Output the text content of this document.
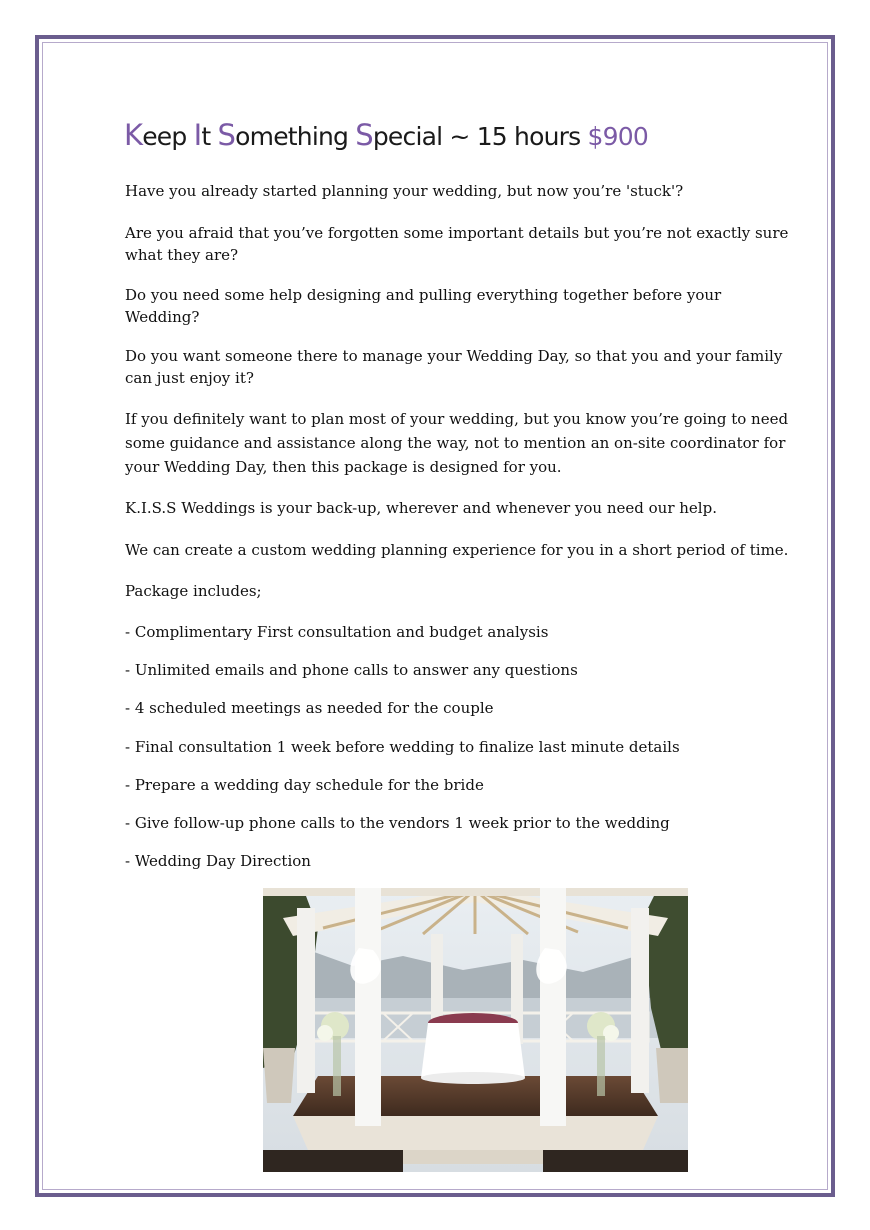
Keep It Something Special ~ 15 hours $900

Have you already started planning your wedding, but now you’re 'stuck'?

Are you afraid that you’ve forgotten some important details but you’re not exactly sure what they are?

Do you need some help designing and pulling everything together before your Wedding?

Do you want someone there to manage your Wedding Day, so that you and your family can just enjoy it?

If you definitely want to plan most of your wedding, but you know you’re going to need some guidance and assistance along the way, not to mention an on-site coordinator for your Wedding Day, then this package is designed for you.

K.I.S.S Weddings is your back-up, wherever and whenever you need our help.

We can create a custom wedding planning experience for you in a short period of time.

Package includes;

- Complimentary First consultation and budget analysis

- Unlimited emails and phone calls to answer any questions

- 4 scheduled meetings as needed for the couple

- Final consultation 1 week before wedding to finalize last minute details

- Prepare a wedding day schedule for the bride

- Give follow-up phone calls to the vendors 1 week prior to the wedding

- Wedding Day Direction
